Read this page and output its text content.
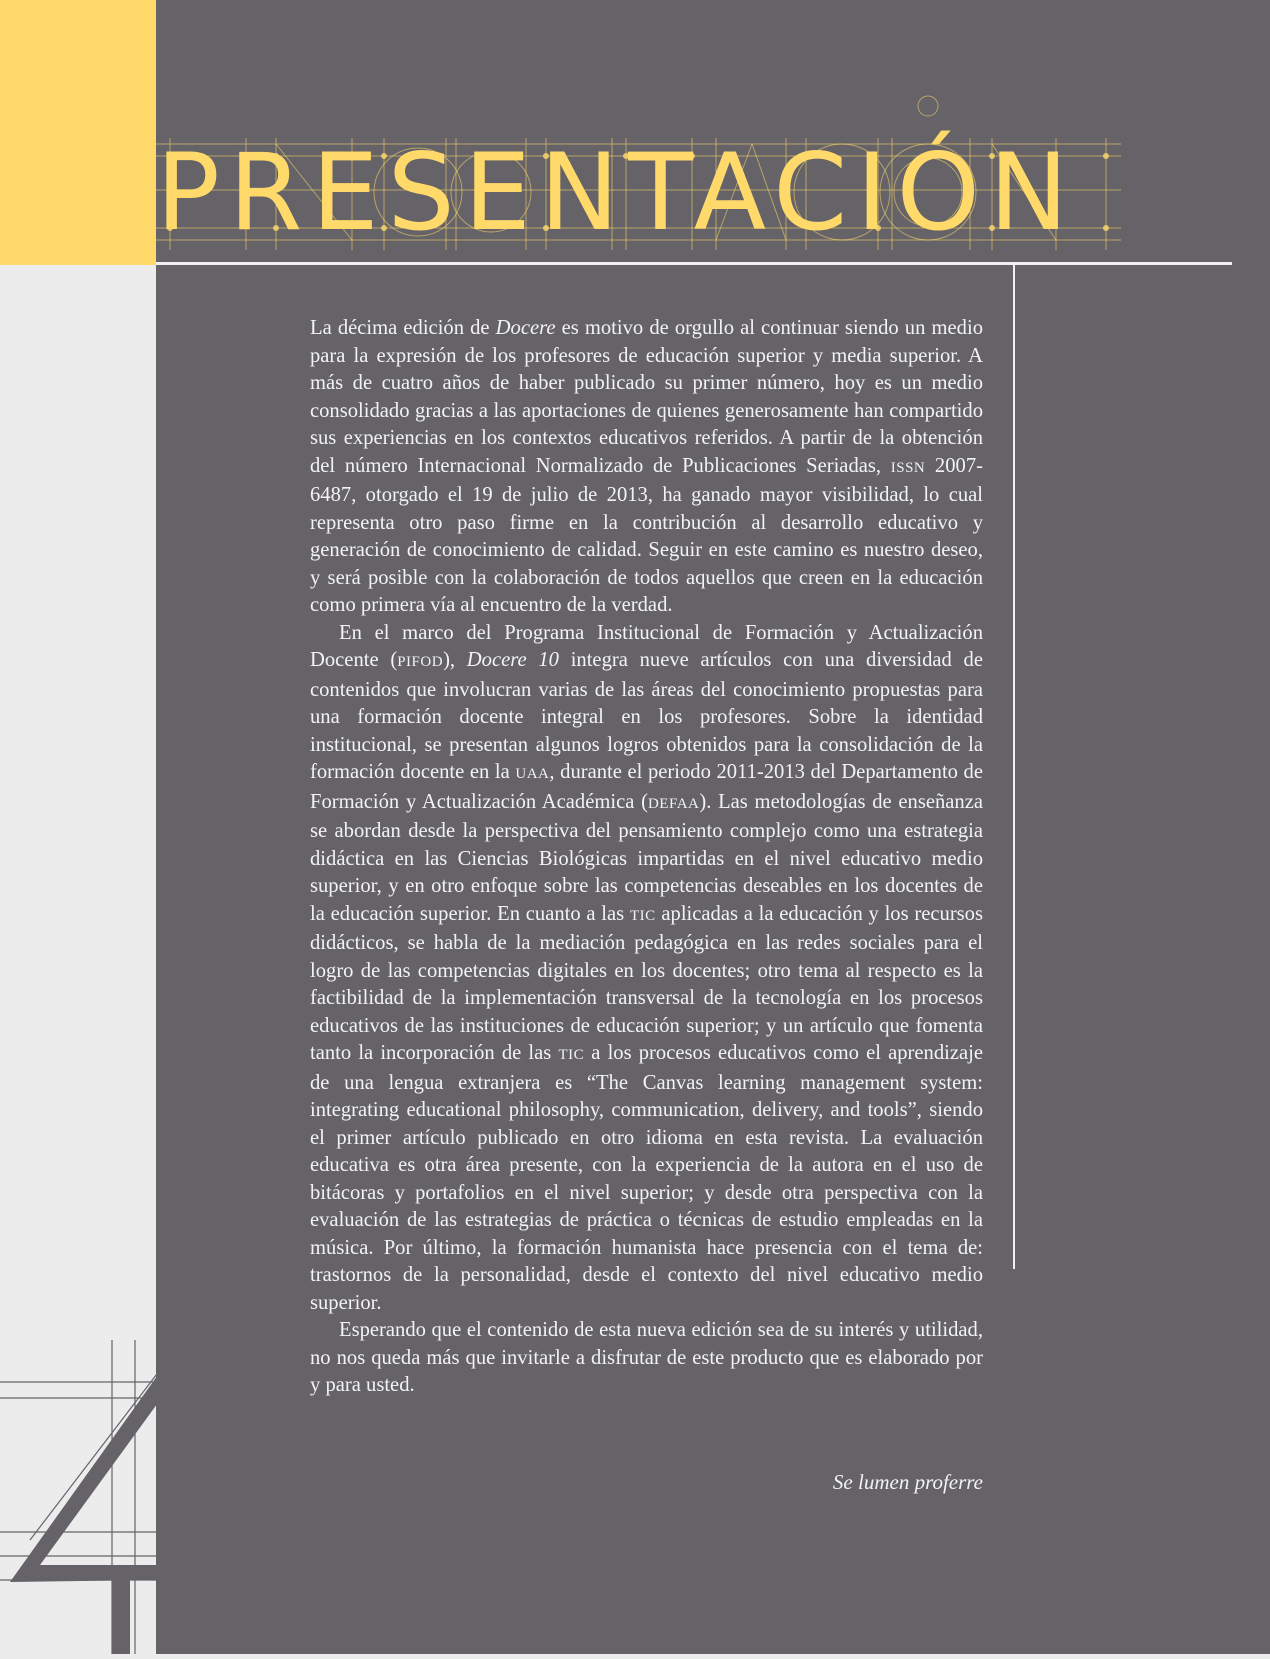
PRESENTACIÓN

La décima edición de Docere es motivo de orgullo al continuar siendo un medio para la expresión de los profesores de educación superior y media superior. A más de cuatro años de haber publicado su primer número, hoy es un medio consolidado gracias a las aportaciones de quienes generosamente han compartido sus experiencias en los contextos educativos referidos. A partir de la obtención del número Internacional Normalizado de Publicaciones Seriadas, ISSN 2007-6487, otorgado el 19 de julio de 2013, ha ganado mayor visibilidad, lo cual representa otro paso firme en la contribución al desarrollo educativo y generación de conocimiento de calidad. Seguir en este camino es nuestro deseo, y será posible con la colaboración de todos aquellos que creen en la educación como primera vía al encuentro de la verdad.

En el marco del Programa Institucional de Formación y Actualización Docente (PIFOD), Docere 10 integra nueve artículos con una diversidad de contenidos que involucran varias de las áreas del conocimiento propuestas para una formación docente integral en los profesores. Sobre la identidad institucional, se presentan algunos logros obtenidos para la consolidación de la formación docente en la UAA, durante el periodo 2011-2013 del Departamento de Formación y Actualización Académica (DEFAA). Las metodologías de enseñanza se abordan desde la perspectiva del pensamiento complejo como una estrategia didáctica en las Ciencias Biológicas impartidas en el nivel educativo medio superior, y en otro enfoque sobre las competencias deseables en los docentes de la educación superior. En cuanto a las TIC aplicadas a la educación y los recursos didácticos, se habla de la mediación pedagógica en las redes sociales para el logro de las competencias digitales en los docentes; otro tema al respecto es la factibilidad de la implementación transversal de la tecnología en los procesos educativos de las instituciones de educación superior; y un artículo que fomenta tanto la incorporación de las TIC a los procesos educativos como el aprendizaje de una lengua extranjera es “The Canvas learning management system: integrating educational philosophy, communication, delivery, and tools”, siendo el primer artículo publicado en otro idioma en esta revista. La evaluación educativa es otra área presente, con la experiencia de la autora en el uso de bitácoras y portafolios en el nivel superior; y desde otra perspectiva con la evaluación de las estrategias de práctica o técnicas de estudio empleadas en la música. Por último, la formación humanista hace presencia con el tema de: trastornos de la personalidad, desde el contexto del nivel educativo medio superior.

Esperando que el contenido de esta nueva edición sea de su interés y utilidad, no nos queda más que invitarle a disfrutar de este producto que es elaborado por y para usted.

Se lumen proferre
4
